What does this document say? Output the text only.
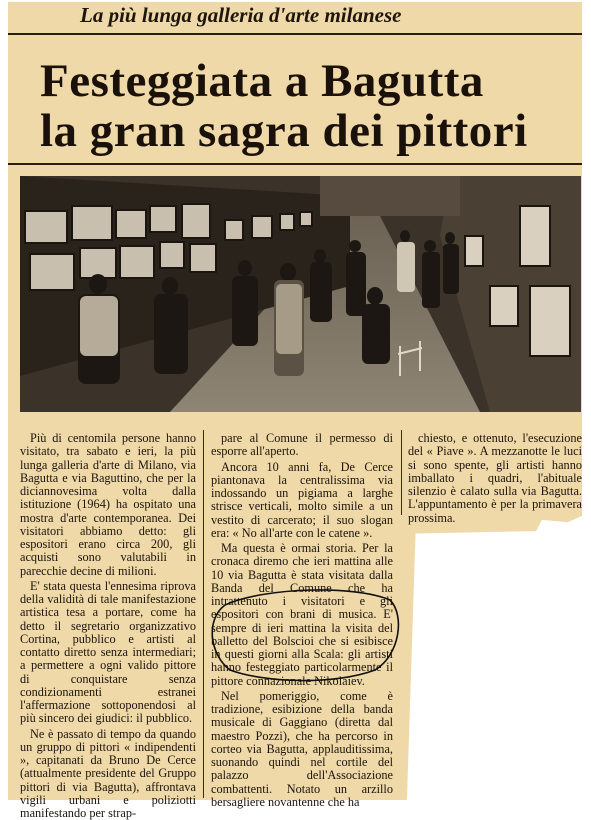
La più lunga galleria d'arte milanese
Festeggiata a Bagutta
la gran sagra dei pittori

Più di centomila persone hanno visitato, tra sabato e ieri, la più lunga galleria d'arte di Milano, via Bagutta e via Baguttino, che per la diciannovesima volta dalla istituzione (1964) ha ospitato una mostra d'arte contemporanea. Dei visitatori abbiamo detto: gli espositori erano circa 200, gli acquisti sono valutabili in parecchie decine di milioni.

E' stata questa l'ennesima riprova della validità di tale manifestazione artistica tesa a portare, come ha detto il segretario organizzativo Cortina, pubblico e artisti al contatto diretto senza intermediari; a permettere a ogni valido pittore di conquistare senza condizionamenti estranei l'affermazione sottoponendosi al più sincero dei giudici: il pubblico.

Ne è passato di tempo da quando un gruppo di pittori « indipendenti », capitanati da Bruno De Cerce (attualmente presidente del Gruppo pittori di via Bagutta), affrontava vigili urbani e poliziotti manifestando per strap-

pare al Comune il permesso di esporre all'aperto.

Ancora 10 anni fa, De Cerce piantonava la centralissima via indossando un pigiama a larghe strisce verticali, molto simile a un vestito di carcerato; il suo slogan era: « No all'arte con le catene ».

Ma questa è ormai storia. Per la cronaca diremo che ieri mattina alle 10 via Bagutta è stata visitata dalla Banda del Comune che ha intrattenuto i visitatori e gli espositori con brani di musica. E' sempre di ieri mattina la visita del balletto del Bolscioi che si esibisce in questi giorni alla Scala: gli artisti hanno festeggiato particolarmente il pittore connazionale Nikolaiev.

Nel pomeriggio, come è tradizione, esibizione della banda musicale di Gaggiano (diretta dal maestro Pozzi), che ha percorso in corteo via Bagutta, applauditissima, suonando quindi nel cortile del palazzo dell'Associazione combattenti. Notato un arzillo bersagliere novantenne che ha

chiesto, e ottenuto, l'esecuzione del « Piave ». A mezzanotte le luci si sono spente, gli artisti hanno imballato i quadri, l'abituale silenzio è calato sulla via Bagutta. L'appuntamento è per la primavera prossima.
